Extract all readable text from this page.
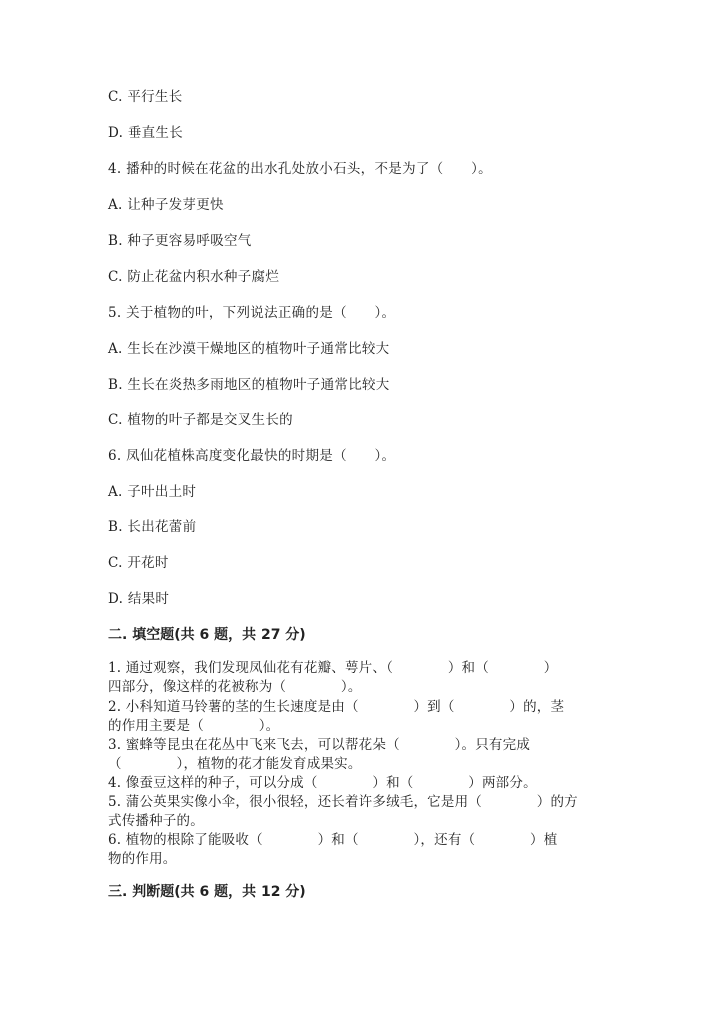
C. 平行生长
D. 垂直生长
4. 播种的时候在花盆的出水孔处放小石头，不是为了（　　）。
A. 让种子发芽更快
B. 种子更容易呼吸空气
C. 防止花盆内积水种子腐烂
5. 关于植物的叶，下列说法正确的是（　　）。
A. 生长在沙漠干燥地区的植物叶子通常比较大
B. 生长在炎热多雨地区的植物叶子通常比较大
C. 植物的叶子都是交叉生长的
6. 凤仙花植株高度变化最快的时期是（　　）。
A. 子叶出土时
B. 长出花蕾前
C. 开花时
D. 结果时
二. 填空题(共 6 题，共 27 分)
1. 通过观察，我们发现凤仙花有花瓣、萼片、（　　　　）和（　　　　）
四部分，像这样的花被称为（　　　　）。
2. 小科知道马铃薯的茎的生长速度是由（　　　　）到（　　　　）的，茎
的作用主要是（　　　　）。
3. 蜜蜂等昆虫在花丛中飞来飞去，可以帮花朵（　　　　）。只有完成
（　　　　），植物的花才能发育成果实。
4. 像蚕豆这样的种子，可以分成（　　　　）和（　　　　）两部分。
5. 蒲公英果实像小伞，很小很轻，还长着许多绒毛，它是用（　　　　）的方
式传播种子的。
6. 植物的根除了能吸收（　　　　）和（　　　　），还有（　　　　）植
物的作用。
三. 判断题(共 6 题，共 12 分)
